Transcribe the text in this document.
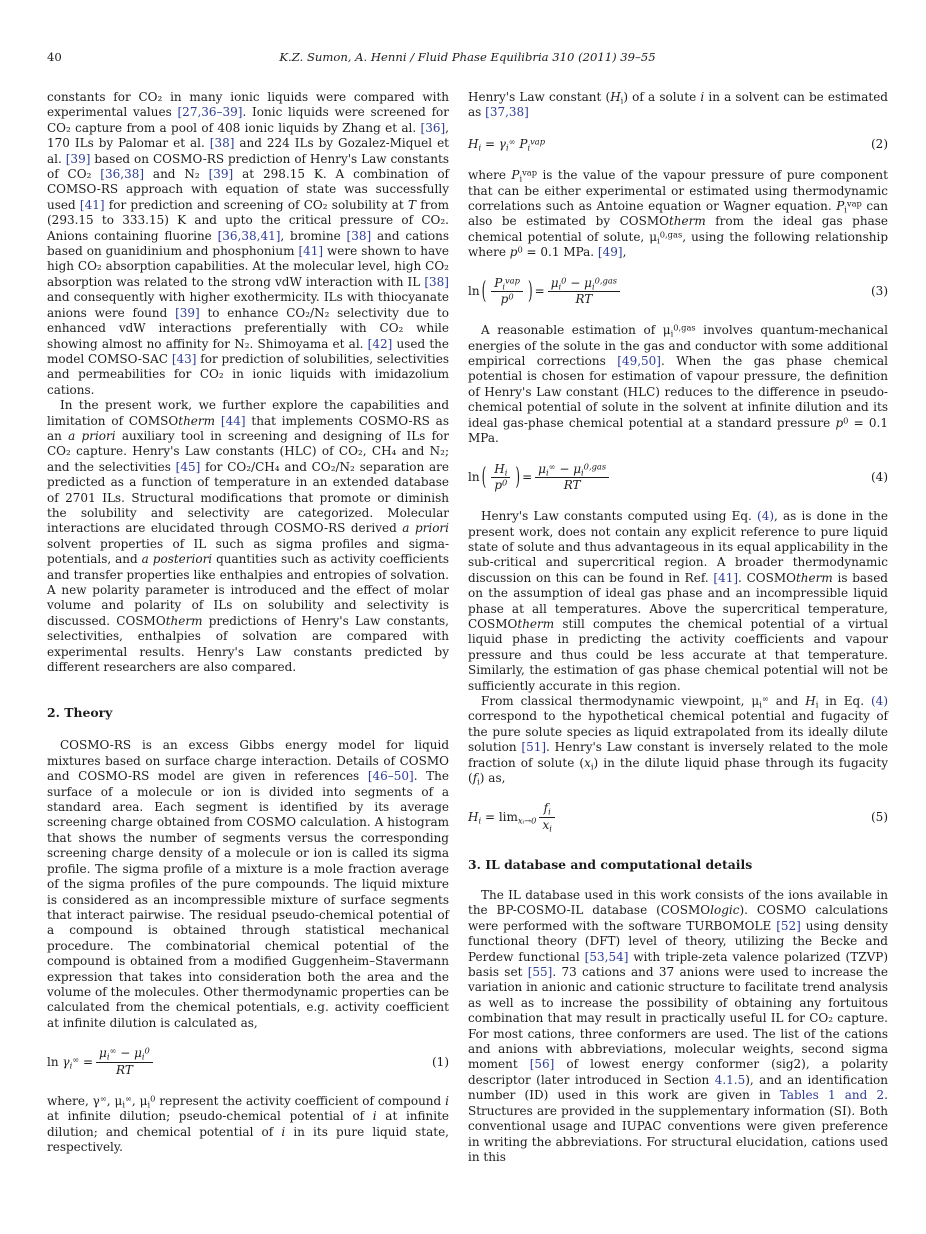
40	K.Z. Sumon, A. Henni / Fluid Phase Equilibria 310 (2011) 39–55

constants for CO₂ in many ionic liquids were compared with experimental values [27,36–39]. Ionic liquids were screened for CO₂ capture from a pool of 408 ionic liquids by Zhang et al. [36], 170 ILs by Palomar et al. [38] and 224 ILs by Gozalez-Miquel et al. [39] based on COSMO-RS prediction of Henry's Law constants of CO₂ [36,38] and N₂ [39] at 298.15 K. A combination of COMSO-RS approach with equation of state was successfully used [41] for prediction and screening of CO₂ solubility at T from (293.15 to 333.15) K and upto the critical pressure of CO₂. Anions containing fluorine [36,38,41], bromine [38] and cations based on guanidinium and phosphonium [41] were shown to have high CO₂ absorption capabilities. At the molecular level, high CO₂ absorption was related to the strong vdW interaction with IL [38] and consequently with higher exothermicity. ILs with thiocyanate anions were found [39] to enhance CO₂/N₂ selectivity due to enhanced vdW interactions preferentially with CO₂ while showing almost no affinity for N₂. Shimoyama et al. [42] used the model COMSO-SAC [43] for prediction of solubilities, selectivities and permeabilities for CO₂ in ionic liquids with imidazolium cations.

In the present work, we further explore the capabilities and limitation of COMSOtherm [44] that implements COSMO-RS as an a priori auxiliary tool in screening and designing of ILs for CO₂ capture. Henry's Law constants (HLC) of CO₂, CH₄ and N₂; and the selectivities [45] for CO₂/CH₄ and CO₂/N₂ separation are predicted as a function of temperature in an extended database of 2701 ILs. Structural modifications that promote or diminish the solubility and selectivity are categorized. Molecular interactions are elucidated through COSMO-RS derived a priori solvent properties of IL such as sigma profiles and sigma-potentials, and a posteriori quantities such as activity coefficients and transfer properties like enthalpies and entropies of solvation. A new polarity parameter is introduced and the effect of molar volume and polarity of ILs on solubility and selectivity is discussed. COSMOtherm predictions of Henry's Law constants, selectivities, enthalpies of solvation are compared with experimental results. Henry's Law constants predicted by different researchers are also compared.

2. Theory

COSMO-RS is an excess Gibbs energy model for liquid mixtures based on surface charge interaction. Details of COSMO and COSMO-RS model are given in references [46–50]. The surface of a molecule or ion is divided into segments of a standard area. Each segment is identified by its average screening charge obtained from COSMO calculation. A histogram that shows the number of segments versus the corresponding screening charge density of a molecule or ion is called its sigma profile. The sigma profile of a mixture is a mole fraction average of the sigma profiles of the pure compounds. The liquid mixture is considered as an incompressible mixture of surface segments that interact pairwise. The residual pseudo-chemical potential of a compound is obtained through statistical mechanical procedure. The combinatorial chemical potential of the compound is obtained from a modified Guggenheim–Stavermann expression that takes into consideration both the area and the volume of the molecules. Other thermodynamic properties can be calculated from the chemical potentials, e.g. activity coefficient at infinite dilution is calculated as,

$\ln \gamma_i^\infty = \frac{\mu_i^\infty - \mu_i^0}{RT}$	(1)

where, γ∞, $\mu_i^\infty$, $\mu_i^0$ represent the activity coefficient of compound i at infinite dilution; pseudo-chemical potential of i at infinite dilution; and chemical potential of i in its pure liquid state, respectively.

Henry's Law constant $(H_i)$ of a solute i in a solvent can be estimated as [37,38]

$H_i = \gamma_i^\infty$ $P_i^{vap}$	(2)

where $P_i^{vap}$ is the value of the vapour pressure of pure component that can be either experimental or estimated using thermodynamic correlations such as Antoine equation or Wagner equation. $P_i^{vap}$ can also be estimated by COSMOtherm from the ideal gas phase chemical potential of solute, $\mu_i^{0,gas}$, using the following relationship where $p^0 = 0.1$ MPa. [49],

ln ( $\frac{P_i^{vap}}{p^0}$ ) = $\frac{\mu_i^0 - \mu_i^{0,gas}}{RT}$	(3)

A reasonable estimation of $\mu_i^{0,gas}$ involves quantum-mechanical energies of the solute in the gas and conductor with some additional empirical corrections [49,50]. When the gas phase chemical potential is chosen for estimation of vapour pressure, the definition of Henry's Law constant (HLC) reduces to the difference in pseudo-chemical potential of solute in the solvent at infinite dilution and its ideal gas-phase chemical potential at a standard pressure $p^0 = 0.1$ MPa.

ln ( $\frac{H_i}{p^0}$ ) = $\frac{\mu_i^\infty - \mu_i^{0,gas}}{RT}$	(4)

Henry's Law constants computed using Eq. (4), as is done in the present work, does not contain any explicit reference to pure liquid state of solute and thus advantageous in its equal applicability in the sub-critical and supercritical region. A broader thermodynamic discussion on this can be found in Ref. [41]. COSMOtherm is based on the assumption of ideal gas phase and an incompressible liquid phase at all temperatures. Above the supercritical temperature, COSMOtherm still computes the chemical potential of a virtual liquid phase in predicting the activity coefficients and vapour pressure and thus could be less accurate at that temperature. Similarly, the estimation of gas phase chemical potential will not be sufficiently accurate in this region.

From classical thermodynamic viewpoint, $\mu_i^\infty$ and $H_i$ in Eq. (4) correspond to the hypothetical chemical potential and fugacity of the pure solute species as liquid extrapolated from its ideally dilute solution [51]. Henry's Law constant is inversely related to the mole fraction of solute $(x_i)$ in the dilute liquid phase through its fugacity $(f_i)$ as,

$H_i = \lim_{xᵢ\to 0} \frac{f_i}{x_i}$	(5)
3. IL database and computational details

The IL database used in this work consists of the ions available in the BP-COSMO-IL database (COSMOlogic). COSMO calculations were performed with the software TURBOMOLE [52] using density functional theory (DFT) level of theory, utilizing the Becke and Perdew functional [53,54] with triple-zeta valence polarized (TZVP) basis set [55]. 73 cations and 37 anions were used to increase the variation in anionic and cationic structure to facilitate trend analysis as well as to increase the possibility of obtaining any fortuitous combination that may result in practically useful IL for CO₂ capture. For most cations, three conformers are used. The list of the cations and anions with abbreviations, molecular weights, second sigma moment [56] of lowest energy conformer (sig2), a polarity descriptor (later introduced in Section 4.1.5), and an identification number (ID) used in this work are given in Tables 1 and 2. Structures are provided in the supplementary information (SI). Both conventional usage and IUPAC conventions were given preference in writing the abbreviations. For structural elucidation, cations used in this
